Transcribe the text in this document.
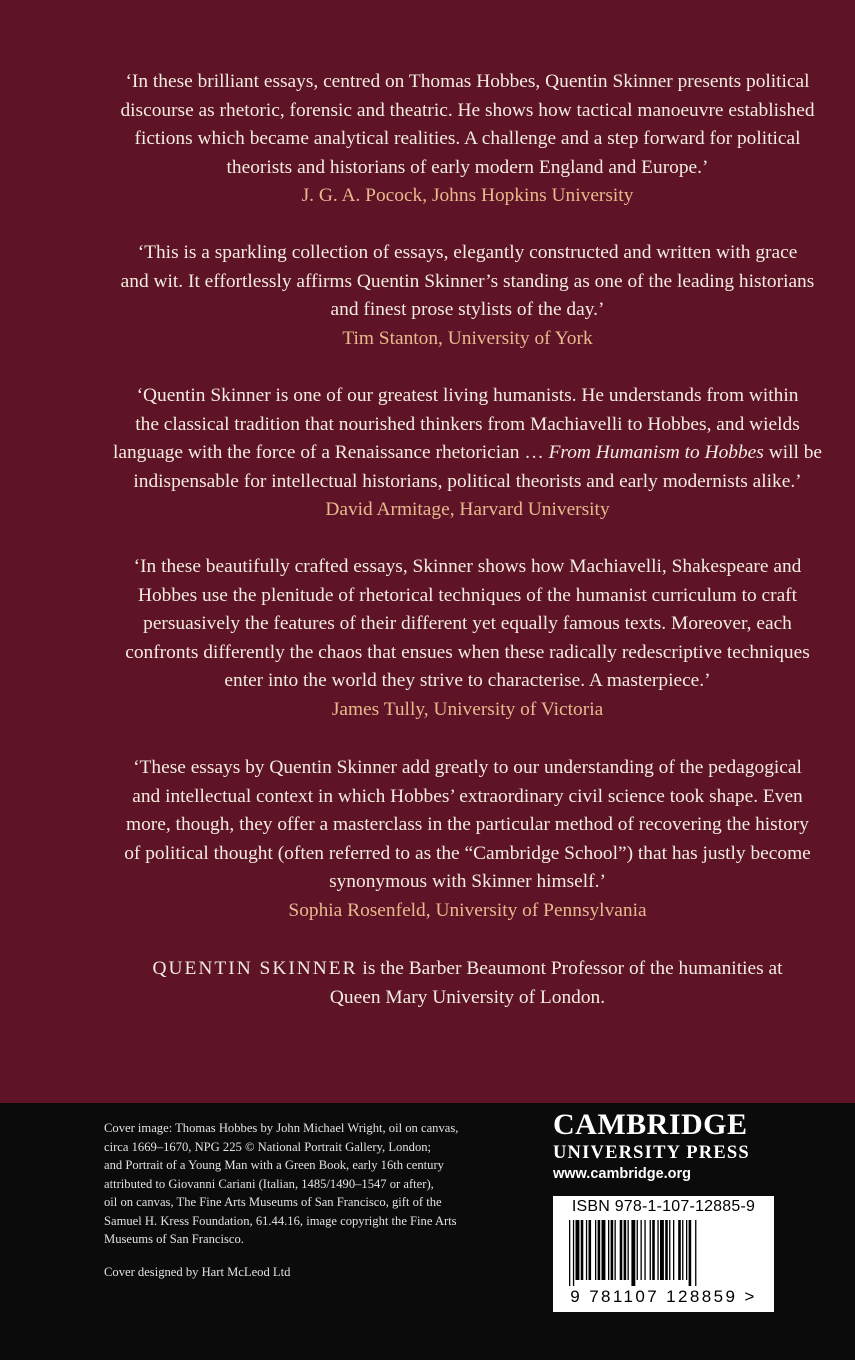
‘In these brilliant essays, centred on Thomas Hobbes, Quentin Skinner presents political
discourse as rhetoric, forensic and theatric. He shows how tactical manoeuvre established
fictions which became analytical realities. A challenge and a step forward for political
theorists and historians of early modern England and Europe.’
J. G. A. Pocock, Johns Hopkins University
‘This is a sparkling collection of essays, elegantly constructed and written with grace
and wit. It effortlessly affirms Quentin Skinner’s standing as one of the leading historians
and finest prose stylists of the day.’
Tim Stanton, University of York
‘Quentin Skinner is one of our greatest living humanists. He understands from within
the classical tradition that nourished thinkers from Machiavelli to Hobbes, and wields
language with the force of a Renaissance rhetorician … From Humanism to Hobbes will be
indispensable for intellectual historians, political theorists and early modernists alike.’
David Armitage, Harvard University
‘In these beautifully crafted essays, Skinner shows how Machiavelli, Shakespeare and
Hobbes use the plenitude of rhetorical techniques of the humanist curriculum to craft
persuasively the features of their different yet equally famous texts. Moreover, each
confronts differently the chaos that ensues when these radically redescriptive techniques
enter into the world they strive to characterise. A masterpiece.’
James Tully, University of Victoria
‘These essays by Quentin Skinner add greatly to our understanding of the pedagogical
and intellectual context in which Hobbes’ extraordinary civil science took shape. Even
more, though, they offer a masterclass in the particular method of recovering the history
of political thought (often referred to as the “Cambridge School”) that has justly become
synonymous with Skinner himself.’
Sophia Rosenfeld, University of Pennsylvania
QUENTIN SKINNER is the Barber Beaumont Professor of the humanities at
Queen Mary University of London.
Cover image: Thomas Hobbes by John Michael Wright, oil on canvas,
circa 1669–1670, NPG 225 © National Portrait Gallery, London;
and Portrait of a Young Man with a Green Book, early 16th century
attributed to Giovanni Cariani (Italian, 1485/1490–1547 or after),
oil on canvas, The Fine Arts Museums of San Francisco, gift of the
Samuel H. Kress Foundation, 61.44.16, image copyright the Fine Arts
Museums of San Francisco.
Cover designed by Hart McLeod Ltd
CAMBRIDGE
UNIVERSITY PRESS
www.cambridge.org
ISBN 978-1-107-12885-9
9 781107 128859 >
